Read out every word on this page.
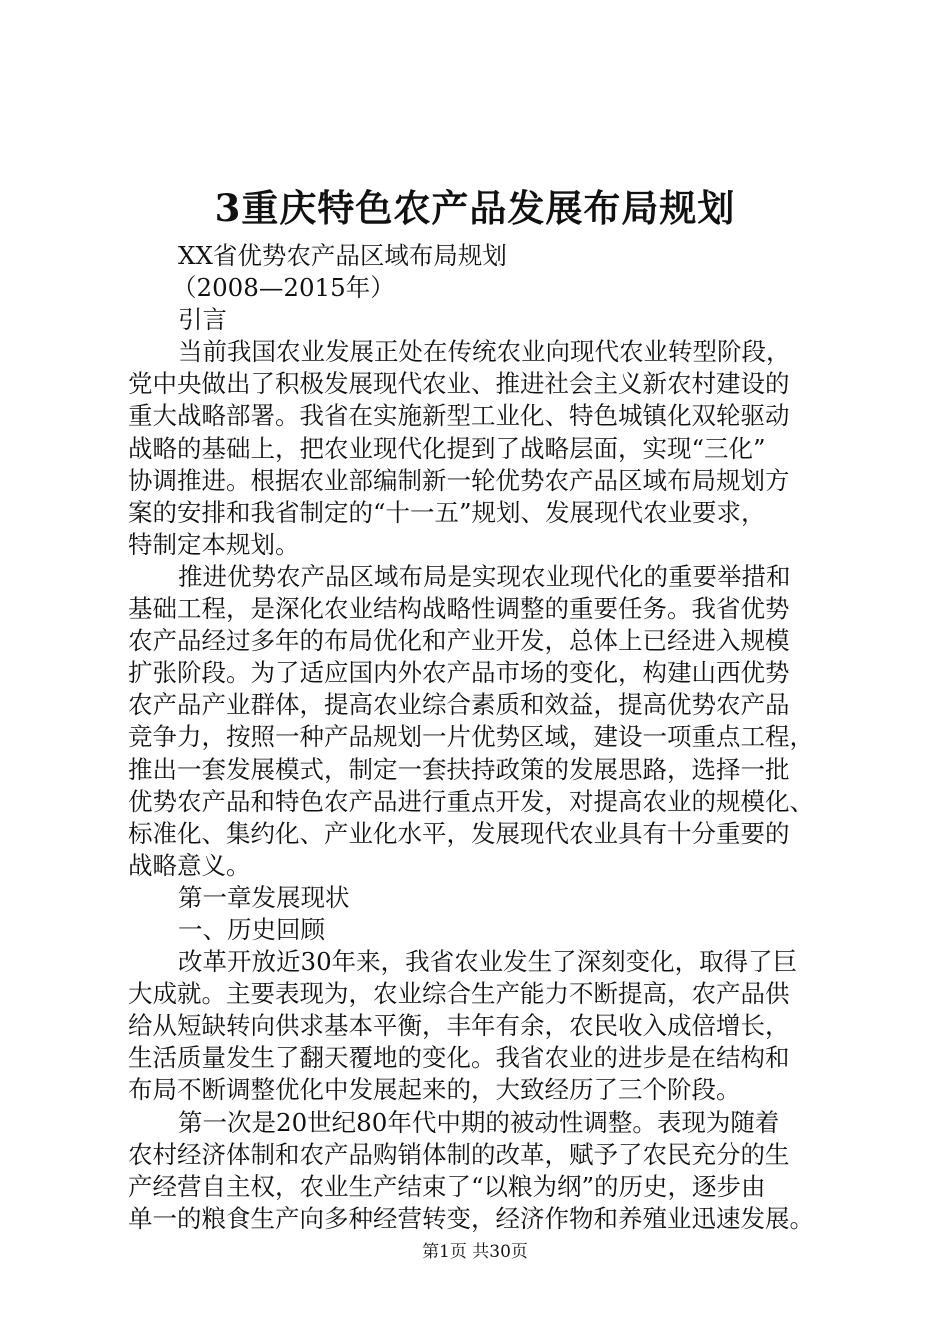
3重庆特色农产品发展布局规划
XX省优势农产品区域布局规划
（2008—2015年）
引言
当前我国农业发展正处在传统农业向现代农业转型阶段，
党中央做出了积极发展现代农业、推进社会主义新农村建设的
重大战略部署。我省在实施新型工业化、特色城镇化双轮驱动
战略的基础上，把农业现代化提到了战略层面，实现“三化”
协调推进。根据农业部编制新一轮优势农产品区域布局规划方
案的安排和我省制定的“十一五”规划、发展现代农业要求，
特制定本规划。
推进优势农产品区域布局是实现农业现代化的重要举措和
基础工程，是深化农业结构战略性调整的重要任务。我省优势
农产品经过多年的布局优化和产业开发，总体上已经进入规模
扩张阶段。为了适应国内外农产品市场的变化，构建山西优势
农产品产业群体，提高农业综合素质和效益，提高优势农产品
竞争力，按照一种产品规划一片优势区域，建设一项重点工程，
推出一套发展模式，制定一套扶持政策的发展思路，选择一批
优势农产品和特色农产品进行重点开发，对提高农业的规模化、
标准化、集约化、产业化水平，发展现代农业具有十分重要的
战略意义。
第一章发展现状
一、历史回顾
改革开放近30年来，我省农业发生了深刻变化，取得了巨
大成就。主要表现为，农业综合生产能力不断提高，农产品供
给从短缺转向供求基本平衡，丰年有余，农民收入成倍增长，
生活质量发生了翻天覆地的变化。我省农业的进步是在结构和
布局不断调整优化中发展起来的，大致经历了三个阶段。
第一次是20世纪80年代中期的被动性调整。表现为随着
农村经济体制和农产品购销体制的改革，赋予了农民充分的生
产经营自主权，农业生产结束了“以粮为纲”的历史，逐步由
单一的粮食生产向多种经营转变，经济作物和养殖业迅速发展。
第1页 共30页
